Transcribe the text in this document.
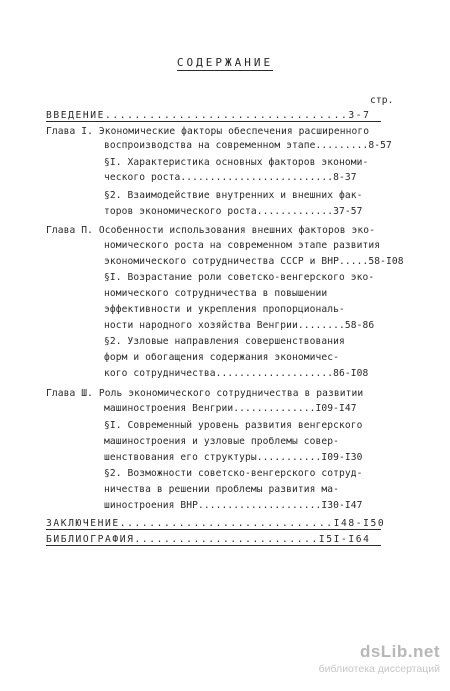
СОДЕРЖАНИЕ
стр.
ВВЕДЕНИЕ.................................3-7
Глава I. Экономические факторы обеспечения расширенного
воспроизводства на современном этапе.........8-57
§I. Характеристика основных факторов экономи-
ческого роста..........................8-37
§2. Взаимодействие внутренних и внешних фак-
торов экономического роста.............37-57
Глава П. Особенности использования внешних факторов эко-
номического роста на современном этапе развития
экономического сотрудничества СССР и ВНР.....58-I08
§I. Возрастание роли советско-венгерского эко-
номического сотрудничества в повышении
эффективности и укрепления пропорциональ-
ности народного хозяйства Венгрии........58-86
§2. Узловые направления совершенствования
форм и обогащения содержания экономичес-
кого сотрудничества....................86-I08
Глава Ш. Роль экономического сотрудничества в развитии
машиностроения Венгрии..............I09-I47
§I. Современный уровень развития венгерского
машиностроения и узловые проблемы совер-
шенствования его структуры...........I09-I30
§2. Возможности советско-венгерского сотруд-
ничества в решении проблемы развития ма-
шиностроения ВНР.....................I30-I47
ЗАКЛЮЧЕНИЕ.............................I48-I50
БИБЛИОГРАФИЯ.........................I5I-I64
dsLib.net
библиотека диссертаций
